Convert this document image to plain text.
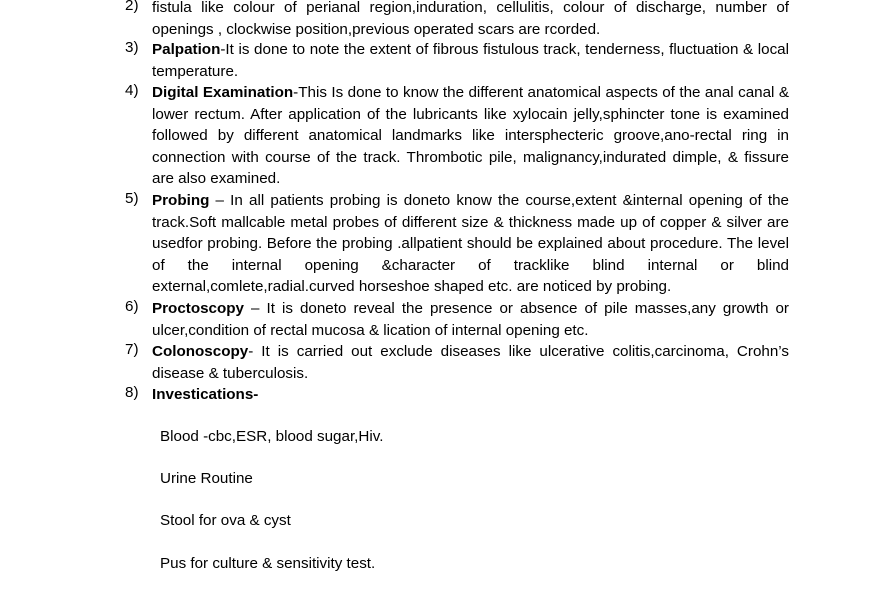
2) fistula like colour of perianal region,induration, cellulitis, colour of discharge, number of openings , clockwise position,previous operated scars are rcorded.
3) Palpation-It is done to note the extent of fibrous fistulous track, tenderness, fluctuation & local temperature.
4) Digital Examination-This Is done to know the different anatomical aspects of the anal canal & lower rectum. After application of the lubricants like xylocain jelly,sphincter tone is examined followed by different anatomical landmarks like intersphecteric groove,ano-rectal ring in connection with course of the track. Thrombotic pile, malignancy,indurated dimple, & fissure are also examined.
5) Probing – In all patients probing is doneto know the course,extent &internal opening of the track.Soft mallcable metal probes of different size & thickness made up of copper & silver are usedfor probing. Before the probing .allpatient should be explained about procedure. The level of the internal opening &character of tracklike blind internal or blind external,comlete,radial.curved horseshoe shaped etc. are noticed by probing.
6) Proctoscopy – It is doneto reveal the presence or absence of pile masses,any growth or ulcer,condition of rectal mucosa & lication of internal opening etc.
7) Colonoscopy- It is carried out exclude diseases like ulcerative colitis,carcinoma, Crohn’s disease & tuberculosis.
8) Investications-
Blood -cbc,ESR, blood sugar,Hiv.
Urine Routine
Stool for ova & cyst
Pus for culture & sensitivity test.
